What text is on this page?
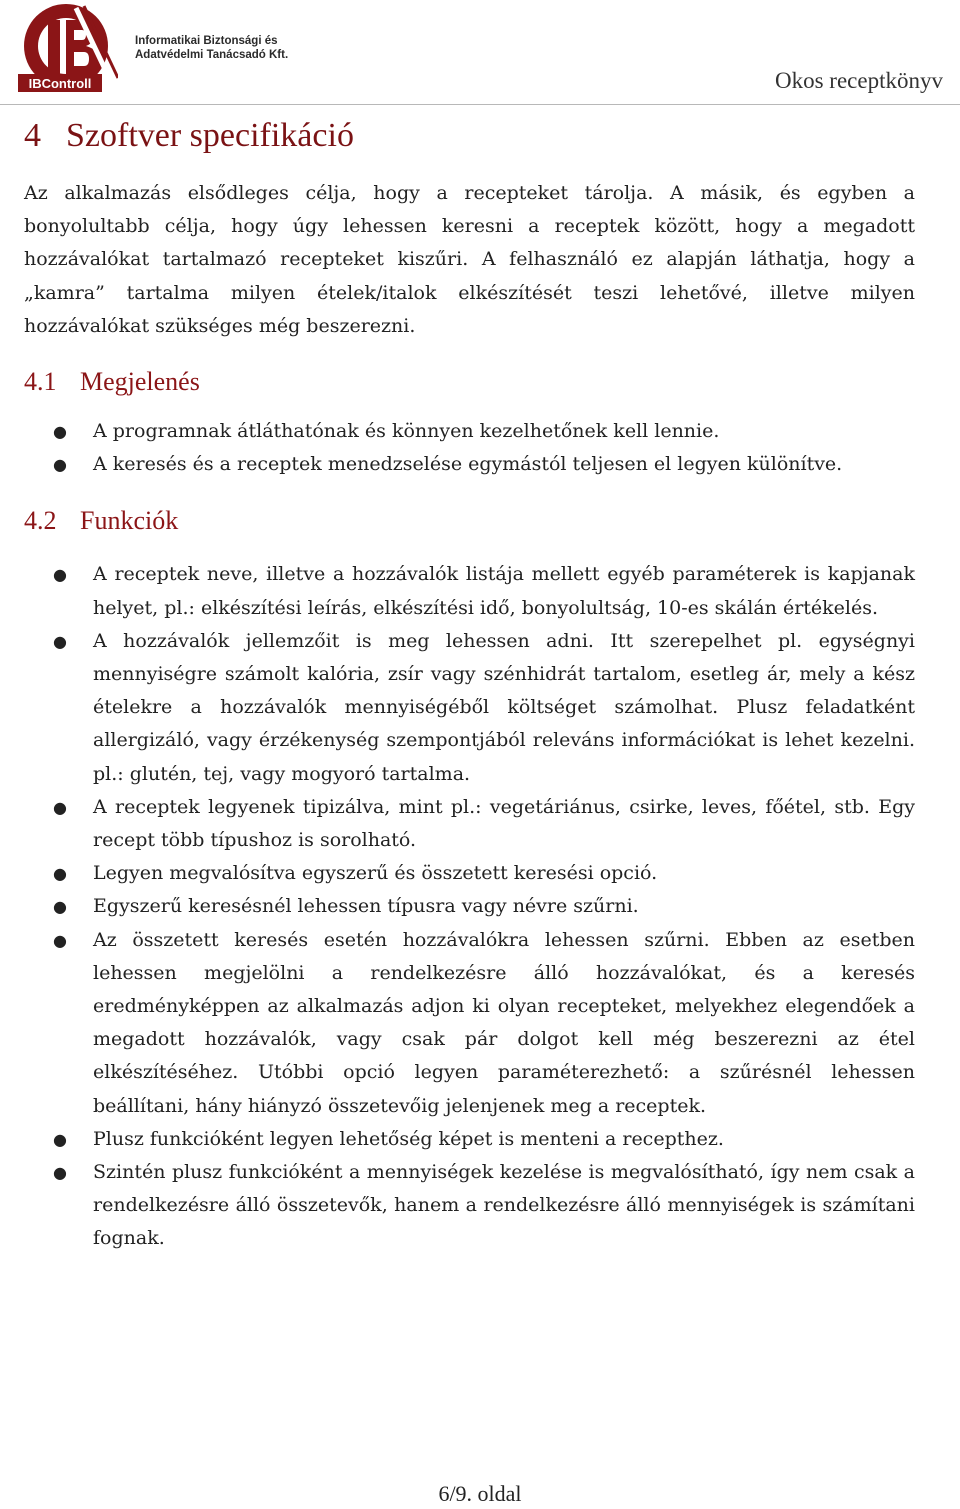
IBControll
Informatikai Biztonsági és
Adatvédelmi Tanácsadó Kft.
Okos receptkönyv
4 Szoftver specifikáció

Az alkalmazás elsődleges célja, hogy a recepteket tárolja. A másik, és egyben a bonyolultabb célja, hogy úgy lehessen keresni a receptek között, hogy a megadott hozzávalókat tartalmazó recepteket kiszűri. A felhasználó ez alapján láthatja, hogy a „kamra” tartalma milyen ételek/italok elkészítését teszi lehetővé, illetve milyen hozzávalókat szükséges még beszerezni.

4.1 Megjelenés
● A programnak átláthatónak és könnyen kezelhetőnek kell lennie.
● A keresés és a receptek menedzselése egymástól teljesen el legyen különítve.
4.2 Funkciók
● A receptek neve, illetve a hozzávalók listája mellett egyéb paraméterek is kapjanak helyet, pl.: elkészítési leírás, elkészítési idő, bonyolultság, 10-es skálán értékelés.
● A hozzávalók jellemzőit is meg lehessen adni. Itt szerepelhet pl. egységnyi mennyiségre számolt kalória, zsír vagy szénhidrát tartalom, esetleg ár, mely a kész ételekre a hozzávalók mennyiségéből költséget számolhat. Plusz feladatként allergizáló, vagy érzékenység szempontjából releváns információkat is lehet kezelni. pl.: glutén, tej, vagy mogyoró tartalma.
● A receptek legyenek tipizálva, mint pl.: vegetáriánus, csirke, leves, főétel, stb. Egy recept több típushoz is sorolható.
● Legyen megvalósítva egyszerű és összetett keresési opció.
● Egyszerű keresésnél lehessen típusra vagy névre szűrni.
● Az összetett keresés esetén hozzávalókra lehessen szűrni. Ebben az esetben lehessen megjelölni a rendelkezésre álló hozzávalókat, és a keresés eredményképpen az alkalmazás adjon ki olyan recepteket, melyekhez elegendőek a megadott hozzávalók, vagy csak pár dolgot kell még beszerezni az étel elkészítéséhez. Utóbbi opció legyen paraméterezhető: a szűrésnél lehessen beállítani, hány hiányzó összetevőig jelenjenek meg a receptek.
● Plusz funkcióként legyen lehetőség képet is menteni a recepthez.
● Szintén plusz funkcióként a mennyiségek kezelése is megvalósítható, így nem csak a rendelkezésre álló összetevők, hanem a rendelkezésre álló mennyiségek is számítani fognak.
6/9. oldal
